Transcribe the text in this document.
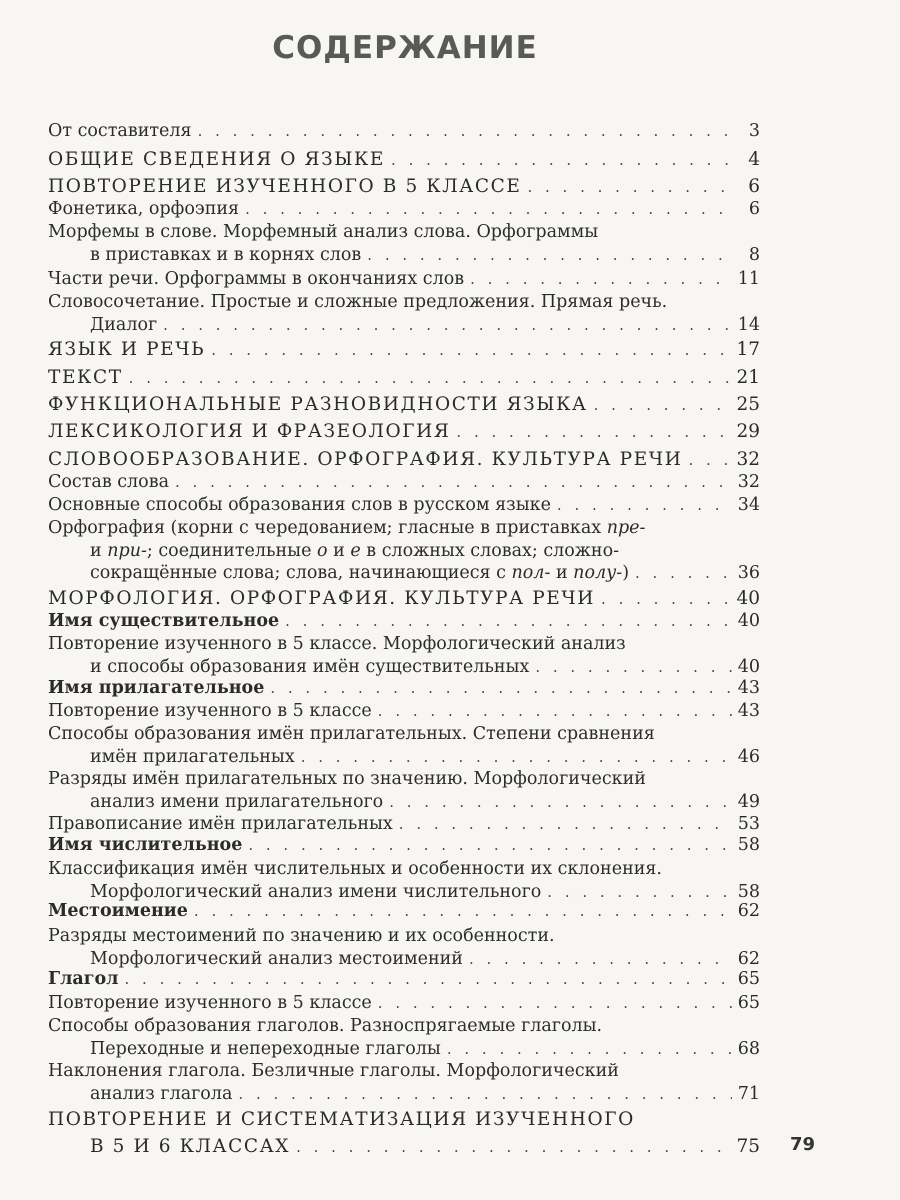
СОДЕРЖАНИЕ
От составителя . . .	3
ОБЩИЕ СВЕДЕНИЯ О ЯЗЫКЕ . . .	4
ПОВТОРЕНИЕ ИЗУЧЕННОГО В 5 КЛАССЕ . . .	6
Фонетика, орфоэпия . . .	6
Морфемы в слове. Морфемный анализ слова. Орфограммы
в приставках и в корнях слов . . .	8
Части речи. Орфограммы в окончаниях слов . . .	11
Словосочетание. Простые и сложные предложения. Прямая речь.
Диалог . . .	14
ЯЗЫК И РЕЧЬ . . .	17
ТЕКСТ . . .	21
ФУНКЦИОНАЛЬНЫЕ РАЗНОВИДНОСТИ ЯЗЫКА . . .	25
ЛЕКСИКОЛОГИЯ И ФРАЗЕОЛОГИЯ . . .	29
СЛОВООБРАЗОВАНИЕ. ОРФОГРАФИЯ. КУЛЬТУРА РЕЧИ . . .	32
Состав слова . . .	32
Основные способы образования слов в русском языке . . .	34
Орфография (корни с чередованием; гласные в приставках пре-
и при-; соединительные о и е в сложных словах; сложно-
сокращённые слова; слова, начинающиеся с пол- и полу-) . . .	36
МОРФОЛОГИЯ. ОРФОГРАФИЯ. КУЛЬТУРА РЕЧИ . . .	40
Имя существительное . . .	40
Повторение изученного в 5 классе. Морфологический анализ
и способы образования имён существительных . . .	40
Имя прилагательное . . .	43
Повторение изученного в 5 классе . . .	43
Способы образования имён прилагательных. Степени сравнения
имён прилагательных . . .	46
Разряды имён прилагательных по значению. Морфологический
анализ имени прилагательного . . .	49
Правописание имён прилагательных . . .	53
Имя числительное . . .	58
Классификация имён числительных и особенности их склонения.
Морфологический анализ имени числительного . . .	58
Местоимение . . .	62
Разряды местоимений по значению и их особенности.
Морфологический анализ местоимений . . .	62
Глагол . . .	65
Повторение изученного в 5 классе . . .	65
Способы образования глаголов. Разноспрягаемые глаголы.
Переходные и непереходные глаголы . . .	68
Наклонения глагола. Безличные глаголы. Морфологический
анализ глагола . . .	71
ПОВТОРЕНИЕ И СИСТЕМАТИЗАЦИЯ ИЗУЧЕННОГО
В 5 И 6 КЛАССАХ . . .	75 79
